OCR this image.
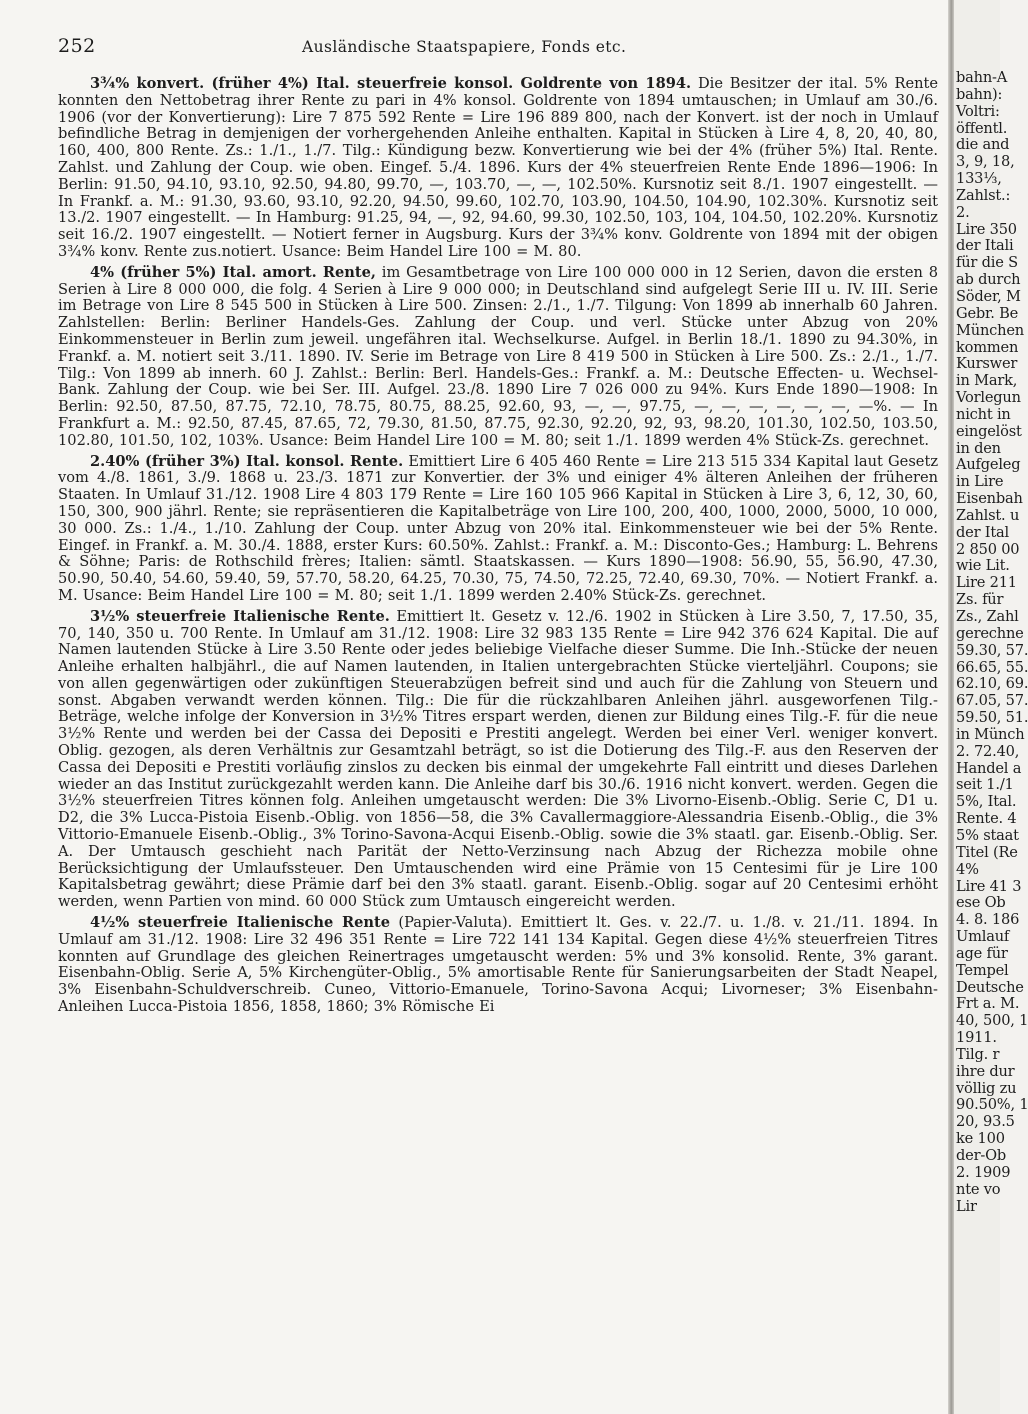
252	Ausländische Staatspapiere, Fonds etc.

3¾% konvert. (früher 4%) Ital. steuerfreie konsol. Goldrente von 1894. Die Besitzer der ital. 5% Rente konnten den Nettobetrag ihrer Rente zu pari in 4% konsol. Goldrente von 1894 umtauschen; in Umlauf am 30./6. 1906 (vor der Konvertierung): Lire 7 875 592 Rente = Lire 196 889 800, nach der Konvert. ist der noch in Umlauf befindliche Betrag in demjenigen der vorhergehenden Anleihe enthalten. Kapital in Stücken à Lire 4, 8, 20, 40, 80, 160, 400, 800 Rente. Zs.: 1./1., 1./7. Tilg.: Kündigung bezw. Konvertierung wie bei der 4% (früher 5%) Ital. Rente. Zahlst. und Zahlung der Coup. wie oben. Eingef. 5./4. 1896. Kurs der 4% steuerfreien Rente Ende 1896—1906: In Berlin: 91.50, 94.10, 93.10, 92.50, 94.80, 99.70, —, 103.70, —, —, 102.50%. Kursnotiz seit 8./1. 1907 eingestellt. — In Frankf. a. M.: 91.30, 93.60, 93.10, 92.20, 94.50, 99.60, 102.70, 103.90, 104.50, 104.90, 102.30%. Kursnotiz seit 13./2. 1907 eingestellt. — In Hamburg: 91.25, 94, —, 92, 94.60, 99.30, 102.50, 103, 104, 104.50, 102.20%. Kursnotiz seit 16./2. 1907 eingestellt. — Notiert ferner in Augsburg. Kurs der 3¾% konv. Goldrente von 1894 mit der obigen 3¾% konv. Rente zus.notiert. Usance: Beim Handel Lire 100 = M. 80.

4% (früher 5%) Ital. amort. Rente, im Gesamtbetrage von Lire 100 000 000 in 12 Serien, davon die ersten 8 Serien à Lire 8 000 000, die folg. 4 Serien à Lire 9 000 000; in Deutschland sind aufgelegt Serie III u. IV. III. Serie im Betrage von Lire 8 545 500 in Stücken à Lire 500. Zinsen: 2./1., 1./7. Tilgung: Von 1899 ab innerhalb 60 Jahren. Zahlstellen: Berlin: Berliner Handels-Ges. Zahlung der Coup. und verl. Stücke unter Abzug von 20% Einkommensteuer in Berlin zum jeweil. ungefähren ital. Wechselkurse. Aufgel. in Berlin 18./1. 1890 zu 94.30%, in Frankf. a. M. notiert seit 3./11. 1890. IV. Serie im Betrage von Lire 8 419 500 in Stücken à Lire 500. Zs.: 2./1., 1./7. Tilg.: Von 1899 ab innerh. 60 J. Zahlst.: Berlin: Berl. Handels-Ges.: Frankf. a. M.: Deutsche Effecten- u. Wechsel-Bank. Zahlung der Coup. wie bei Ser. III. Aufgel. 23./8. 1890 Lire 7 026 000 zu 94%. Kurs Ende 1890—1908: In Berlin: 92.50, 87.50, 87.75, 72.10, 78.75, 80.75, 88.25, 92.60, 93, —, —, 97.75, —, —, —, —, —, —, —%. — In Frankfurt a. M.: 92.50, 87.45, 87.65, 72, 79.30, 81.50, 87.75, 92.30, 92.20, 92, 93, 98.20, 101.30, 102.50, 103.50, 102.80, 101.50, 102, 103%. Usance: Beim Handel Lire 100 = M. 80; seit 1./1. 1899 werden 4% Stück-Zs. gerechnet.

2.40% (früher 3%) Ital. konsol. Rente. Emittiert Lire 6 405 460 Rente = Lire 213 515 334 Kapital laut Gesetz vom 4./8. 1861, 3./9. 1868 u. 23./3. 1871 zur Konvertier. der 3% und einiger 4% älteren Anleihen der früheren Staaten. In Umlauf 31./12. 1908 Lire 4 803 179 Rente = Lire 160 105 966 Kapital in Stücken à Lire 3, 6, 12, 30, 60, 150, 300, 900 jährl. Rente; sie repräsentieren die Kapitalbeträge von Lire 100, 200, 400, 1000, 2000, 5000, 10 000, 30 000. Zs.: 1./4., 1./10. Zahlung der Coup. unter Abzug von 20% ital. Einkommensteuer wie bei der 5% Rente. Eingef. in Frankf. a. M. 30./4. 1888, erster Kurs: 60.50%. Zahlst.: Frankf. a. M.: Disconto-Ges.; Hamburg: L. Behrens & Söhne; Paris: de Rothschild frères; Italien: sämtl. Staatskassen. — Kurs 1890—1908: 56.90, 55, 56.90, 47.30, 50.90, 50.40, 54.60, 59.40, 59, 57.70, 58.20, 64.25, 70.30, 75, 74.50, 72.25, 72.40, 69.30, 70%. — Notiert Frankf. a. M. Usance: Beim Handel Lire 100 = M. 80; seit 1./1. 1899 werden 2.40% Stück-Zs. gerechnet.

3½% steuerfreie Italienische Rente. Emittiert lt. Gesetz v. 12./6. 1902 in Stücken à Lire 3.50, 7, 17.50, 35, 70, 140, 350 u. 700 Rente. In Umlauf am 31./12. 1908: Lire 32 983 135 Rente = Lire 942 376 624 Kapital. Die auf Namen lautenden Stücke à Lire 3.50 Rente oder jedes beliebige Vielfache dieser Summe. Die Inh.-Stücke der neuen Anleihe erhalten halbjährl., die auf Namen lautenden, in Italien untergebrachten Stücke vierteljährl. Coupons; sie von allen gegenwärtigen oder zukünftigen Steuerabzügen befreit sind und auch für die Zahlung von Steuern und sonst. Abgaben verwandt werden können. Tilg.: Die für die rückzahlbaren Anleihen jährl. ausgeworfenen Tilg.-Beträge, welche infolge der Konversion in 3½% Titres erspart werden, dienen zur Bildung eines Tilg.-F. für die neue 3½% Rente und werden bei der Cassa dei Depositi e Prestiti angelegt. Werden bei einer Verl. weniger konvert. Oblig. gezogen, als deren Verhältnis zur Gesamtzahl beträgt, so ist die Dotierung des Tilg.-F. aus den Reserven der Cassa dei Depositi e Prestiti vorläufig zinslos zu decken bis einmal der umgekehrte Fall eintritt und dieses Darlehen wieder an das Institut zurückgezahlt werden kann. Die Anleihe darf bis 30./6. 1916 nicht konvert. werden. Gegen die 3½% steuerfreien Titres können folg. Anleihen umgetauscht werden: Die 3% Livorno-Eisenb.-Oblig. Serie C, D1 u. D2, die 3% Lucca-Pistoia Eisenb.-Oblig. von 1856—58, die 3% Cavallermaggiore-Alessandria Eisenb.-Oblig., die 3% Vittorio-Emanuele Eisenb.-Oblig., 3% Torino-Savona-Acqui Eisenb.-Oblig. sowie die 3% staatl. gar. Eisenb.-Oblig. Ser. A. Der Umtausch geschieht nach Parität der Netto-Verzinsung nach Abzug der Richezza mobile ohne Berücksichtigung der Umlaufssteuer. Den Umtauschenden wird eine Prämie von 15 Centesimi für je Lire 100 Kapitalsbetrag gewährt; diese Prämie darf bei den 3% staatl. garant. Eisenb.-Oblig. sogar auf 20 Centesimi erhöht werden, wenn Partien von mind. 60 000 Stück zum Umtausch eingereicht werden.

4½% steuerfreie Italienische Rente (Papier-Valuta). Emittiert lt. Ges. v. 22./7. u. 1./8. v. 21./11. 1894. In Umlauf am 31./12. 1908: Lire 32 496 351 Rente = Lire 722 141 134 Kapital. Gegen diese 4½% steuerfreien Titres konnten auf Grundlage des gleichen Reinertrages umgetauscht werden: 5% und 3% konsolid. Rente, 3% garant. Eisenbahn-Oblig. Serie A, 5% Kirchengüter-Oblig., 5% amortisable Rente für Sanierungsarbeiten der Stadt Neapel, 3% Eisenbahn-Schuldverschreib. Cuneo, Vittorio-Emanuele, Torino-Savona Acqui; Livorneser; 3% Eisenbahn-Anleihen Lucca-Pistoia 1856, 1858, 1860; 3% Römische Ei

bahn-A
bahn):
Voltri:
öffentl.
die and
3, 9, 18,
133⅓,
Zahlst.:
2.
Lire 350
der Itali
für die S
ab durch
Söder, M
Gebr. Be
München
kommen
Kurswer
in Mark,
Vorlegun
nicht in
eingelöst
in den
Aufgeleg
in Lire
Eisenbah
Zahlst. u
der Ital
2 850 00
wie Lit.
Lire 211
Zs. für
Zs., Zahl
gerechne
59.30, 57.
66.65, 55.
62.10, 69.
67.05, 57.
59.50, 51.
in Münch
2. 72.40,
Handel a
seit 1./1
5%, Ital.
Rente. 4
5% staat
Titel (Re
4%
Lire 41 3
ese Ob
4. 8. 186
Umlauf
age für
Tempel
Deutsche
Frt a. M.
40, 500, 1
1911.
Tilg. r
ihre dur
völlig zu
90.50%, 1
20, 93.5
ke 100
der-Ob
2. 1909
nte vo
Lir
